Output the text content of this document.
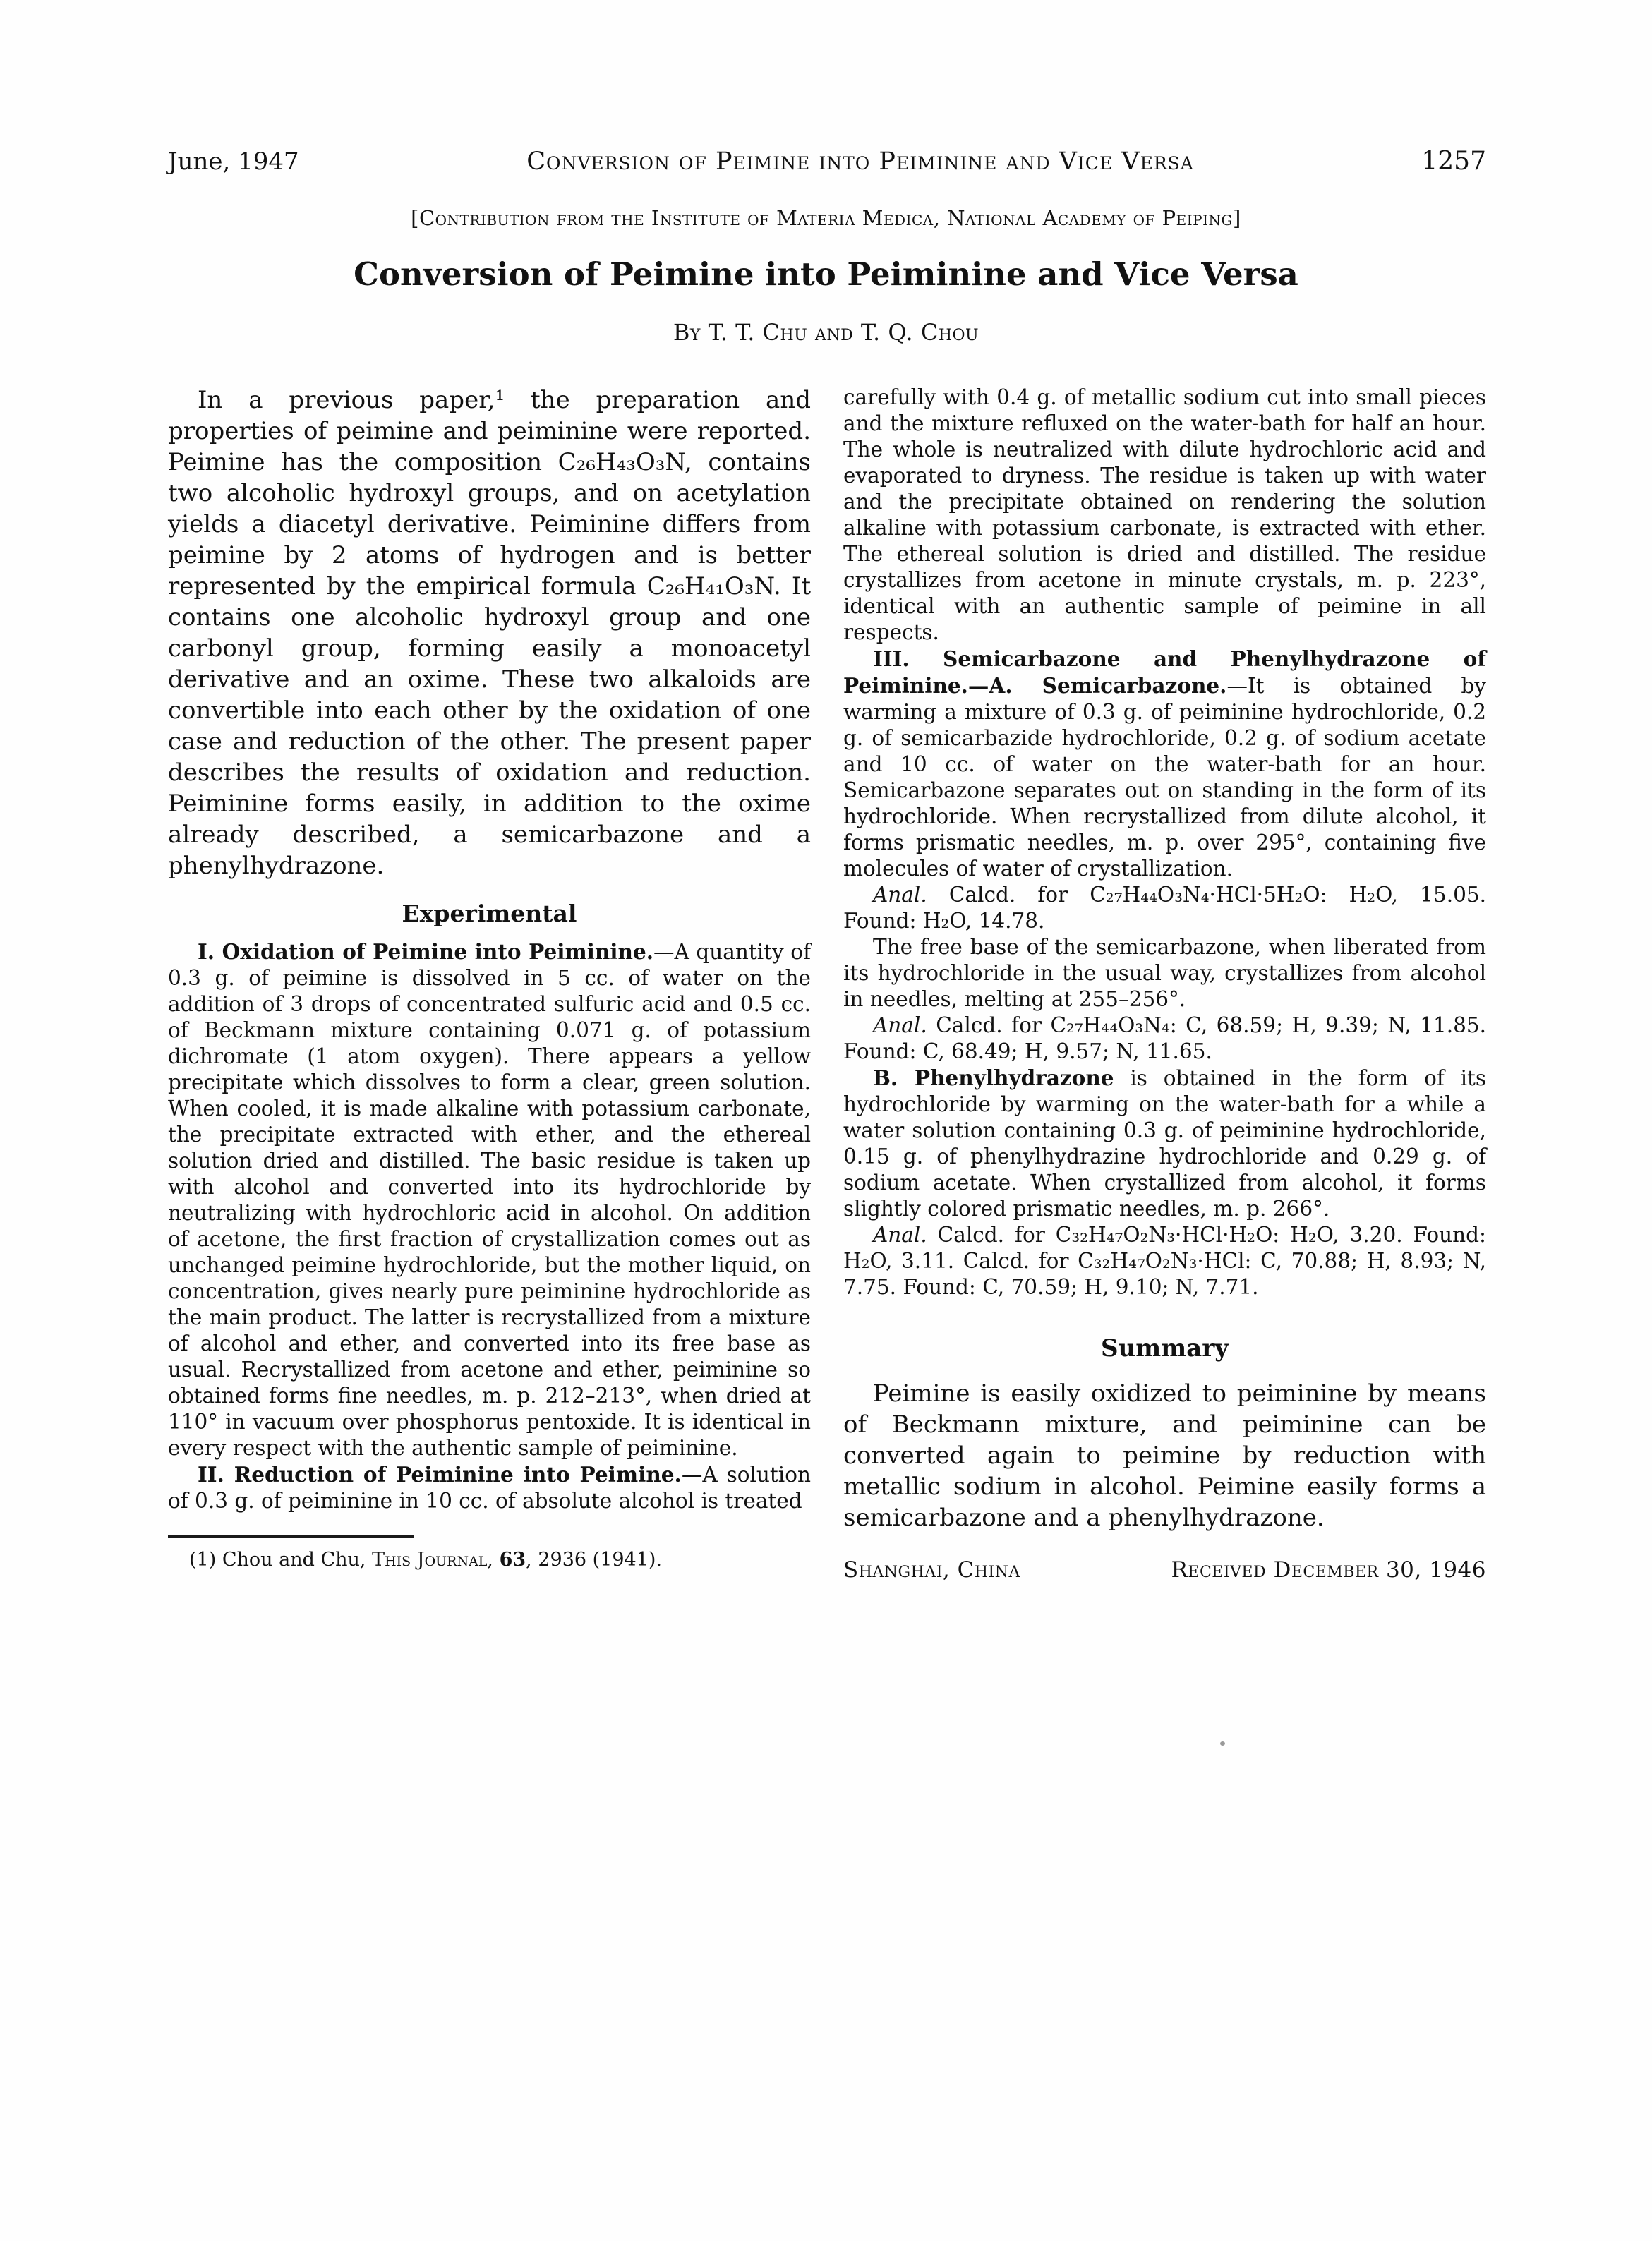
June, 1947	Conversion of Peimine into Peiminine and Vice Versa	1257
[Contribution from the Institute of Materia Medica, National Academy of Peiping]
Conversion of Peimine into Peiminine and Vice Versa
By T. T. Chu and T. Q. Chou

In a previous paper,¹ the preparation and properties of peimine and peiminine were reported. Peimine has the composition C₂₆H₄₃O₃N, contains two alcoholic hydroxyl groups, and on acetylation yields a diacetyl derivative. Peiminine differs from peimine by 2 atoms of hydrogen and is better represented by the empirical formula C₂₆H₄₁O₃N. It contains one alcoholic hydroxyl group and one carbonyl group, forming easily a monoacetyl derivative and an oxime. These two alkaloids are convertible into each other by the oxidation of one case and reduction of the other. The present paper describes the results of oxidation and reduction. Peiminine forms easily, in addition to the oxime already described, a semicarbazone and a phenylhydrazone.

Experimental

I. Oxidation of Peimine into Peiminine.—A quantity of 0.3 g. of peimine is dissolved in 5 cc. of water on the addition of 3 drops of concentrated sulfuric acid and 0.5 cc. of Beckmann mixture containing 0.071 g. of potassium dichromate (1 atom oxygen). There appears a yellow precipitate which dissolves to form a clear, green solution. When cooled, it is made alkaline with potassium carbonate, the precipitate extracted with ether, and the ethereal solution dried and distilled. The basic residue is taken up with alcohol and converted into its hydrochloride by neutralizing with hydrochloric acid in alcohol. On addition of acetone, the first fraction of crystallization comes out as unchanged peimine hydrochloride, but the mother liquid, on concentration, gives nearly pure peiminine hydrochloride as the main product. The latter is recrystallized from a mixture of alcohol and ether, and converted into its free base as usual. Recrystallized from acetone and ether, peiminine so obtained forms fine needles, m. p. 212–213°, when dried at 110° in vacuum over phosphorus pentoxide. It is identical in every respect with the authentic sample of peiminine.

II. Reduction of Peiminine into Peimine.—A solution of 0.3 g. of peiminine in 10 cc. of absolute alcohol is treated

(1) Chou and Chu, This Journal, 63, 2936 (1941).

carefully with 0.4 g. of metallic sodium cut into small pieces and the mixture refluxed on the water-bath for half an hour. The whole is neutralized with dilute hydrochloric acid and evaporated to dryness. The residue is taken up with water and the precipitate obtained on rendering the solution alkaline with potassium carbonate, is extracted with ether. The ethereal solution is dried and distilled. The residue crystallizes from acetone in minute crystals, m. p. 223°, identical with an authentic sample of peimine in all respects.

III. Semicarbazone and Phenylhydrazone of Peiminine.—A. Semicarbazone.—It is obtained by warming a mixture of 0.3 g. of peiminine hydrochloride, 0.2 g. of semicarbazide hydrochloride, 0.2 g. of sodium acetate and 10 cc. of water on the water-bath for an hour. Semicarbazone separates out on standing in the form of its hydrochloride. When recrystallized from dilute alcohol, it forms prismatic needles, m. p. over 295°, containing five molecules of water of crystallization.

Anal. Calcd. for C₂₇H₄₄O₃N₄·HCl·5H₂O: H₂O, 15.05. Found: H₂O, 14.78.

The free base of the semicarbazone, when liberated from its hydrochloride in the usual way, crystallizes from alcohol in needles, melting at 255–256°.

Anal. Calcd. for C₂₇H₄₄O₃N₄: C, 68.59; H, 9.39; N, 11.85. Found: C, 68.49; H, 9.57; N, 11.65.

B. Phenylhydrazone is obtained in the form of its hydrochloride by warming on the water-bath for a while a water solution containing 0.3 g. of peiminine hydrochloride, 0.15 g. of phenylhydrazine hydrochloride and 0.29 g. of sodium acetate. When crystallized from alcohol, it forms slightly colored prismatic needles, m. p. 266°.

Anal. Calcd. for C₃₂H₄₇O₂N₃·HCl·H₂O: H₂O, 3.20. Found: H₂O, 3.11. Calcd. for C₃₂H₄₇O₂N₃·HCl: C, 70.88; H, 8.93; N, 7.75. Found: C, 70.59; H, 9.10; N, 7.71.

Summary

Peimine is easily oxidized to peiminine by means of Beckmann mixture, and peiminine can be converted again to peimine by reduction with metallic sodium in alcohol. Peimine easily forms a semicarbazone and a phenylhydrazone.

Shanghai, China	Received December 30, 1946
